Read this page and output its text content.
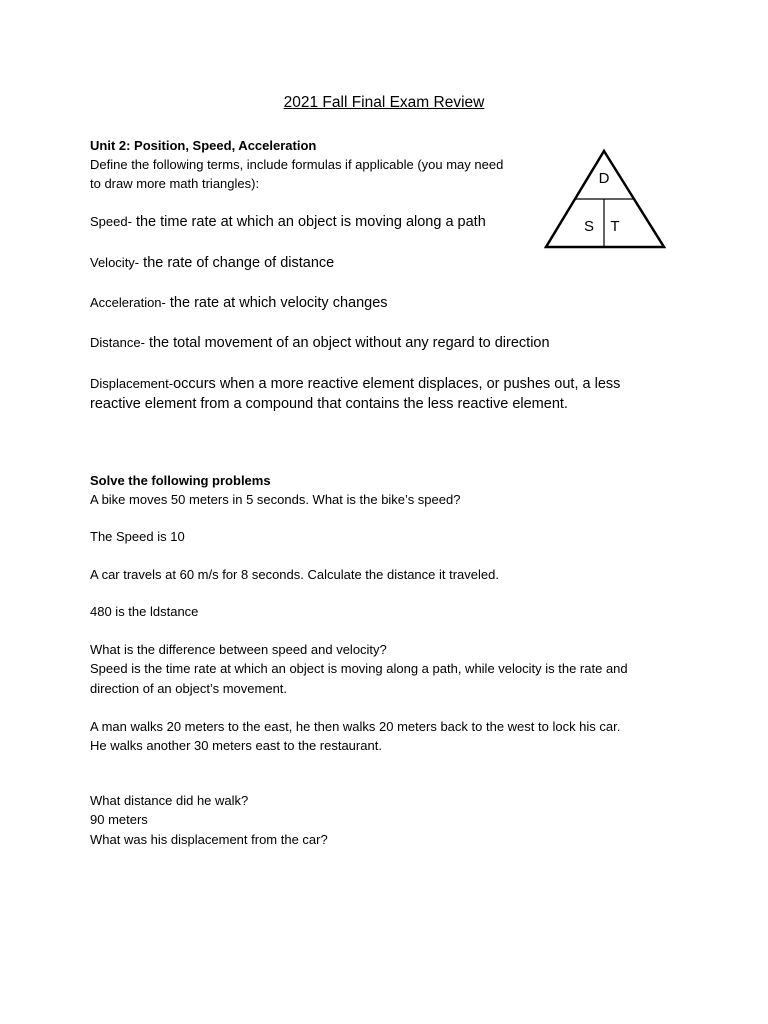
2021 Fall Final Exam Review
Unit 2: Position, Speed, Acceleration
Define the following terms, include formulas if applicable (you may need
to draw more math triangles):	D
S T
Speed- the time rate at which an object is moving along a path
Velocity- the rate of change of distance
Acceleration- the rate at which velocity changes
Distance- the total movement of an object without any regard to direction
Displacement-occurs when a more reactive element displaces, or pushes out, a less
reactive element from a compound that contains the less reactive element.
Solve the following problems
A bike moves 50 meters in 5 seconds. What is the bike’s speed?
The Speed is 10
A car travels at 60 m/s for 8 seconds. Calculate the distance it traveled.
480 is the ldstance
What is the difference between speed and velocity?
Speed is the time rate at which an object is moving along a path, while velocity is the rate and
direction of an object’s movement.
A man walks 20 meters to the east, he then walks 20 meters back to the west to lock his car.
He walks another 30 meters east to the restaurant.
What distance did he walk?
90 meters
What was his displacement from the car?
